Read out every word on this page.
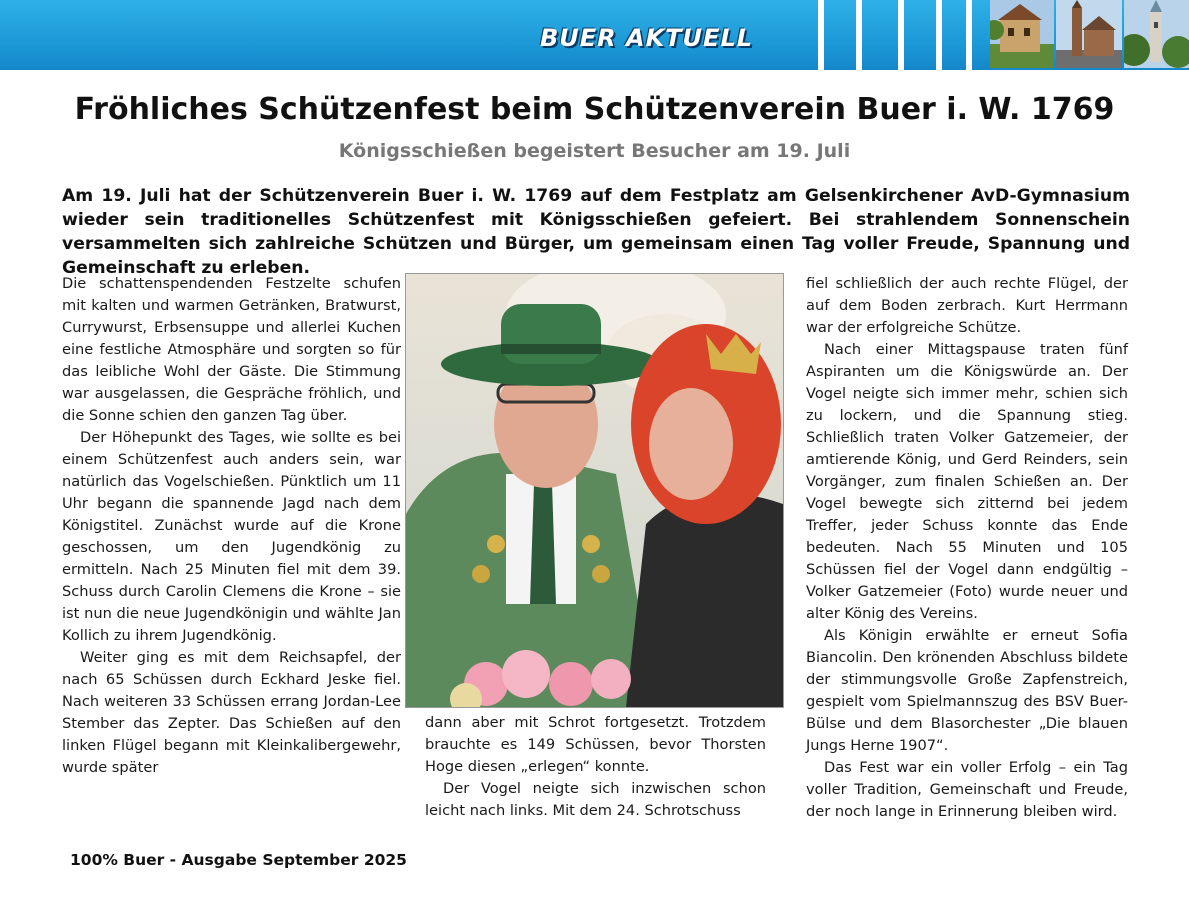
BUER AKTUELL
Fröhliches Schützenfest beim Schützenverein Buer i. W. 1769
Königsschießen begeistert Besucher am 19. Juli
Am 19. Juli hat der Schützenverein Buer i. W. 1769 auf dem Festplatz am Gelsenkirchener AvD-Gymnasium wieder sein traditionelles Schützenfest mit Königsschießen gefeiert. Bei strahlendem Sonnenschein versammelten sich zahlreiche Schützen und Bürger, um gemeinsam einen Tag voller Freude, Spannung und Gemeinschaft zu erleben.

Die schattenspendenden Festzelte schufen mit kalten und warmen Getränken, Bratwurst, Currywurst, Erbsensuppe und allerlei Kuchen eine festliche Atmosphäre und sorgten so für das leibliche Wohl der Gäste. Die Stimmung war ausgelassen, die Gespräche fröhlich, und die Sonne schien den ganzen Tag über.

Der Höhepunkt des Tages, wie sollte es bei einem Schützenfest auch anders sein, war natürlich das Vogelschießen. Pünktlich um 11 Uhr begann die spannende Jagd nach dem Königstitel. Zunächst wurde auf die Krone geschossen, um den Jugendkönig zu ermitteln. Nach 25 Minuten fiel mit dem 39. Schuss durch Carolin Clemens die Krone – sie ist nun die neue Jugendkönigin und wählte Jan Kollich zu ihrem Jugendkönig.

Weiter ging es mit dem Reichsapfel, der nach 65 Schüssen durch Eckhard Jeske fiel. Nach weiteren 33 Schüssen errang Jordan-Lee Stember das Zepter. Das Schießen auf den linken Flügel begann mit Kleinkalibergewehr, wurde später

dann aber mit Schrot fortgesetzt. Trotzdem brauchte es 149 Schüssen, bevor Thorsten Hoge diesen „erlegen“ konnte.

Der Vogel neigte sich inzwischen schon leicht nach links. Mit dem 24. Schrotschuss

fiel schließlich der auch rechte Flügel, der auf dem Boden zerbrach. Kurt Herrmann war der erfolgreiche Schütze.

Nach einer Mittagspause traten fünf Aspiranten um die Königswürde an. Der Vogel neigte sich immer mehr, schien sich zu lockern, und die Spannung stieg. Schließlich traten Volker Gatzemeier, der amtierende König, und Gerd Reinders, sein Vorgänger, zum finalen Schießen an. Der Vogel bewegte sich zitternd bei jedem Treffer, jeder Schuss konnte das Ende bedeuten. Nach 55 Minuten und 105 Schüssen fiel der Vogel dann endgültig – Volker Gatzemeier (Foto) wurde neuer und alter König des Vereins.

Als Königin erwählte er erneut Sofia Biancolin. Den krönenden Abschluss bildete der stimmungsvolle Große Zapfenstreich, gespielt vom Spielmannszug des BSV Buer-Bülse und dem Blasorchester „Die blauen Jungs Herne 1907“.

Das Fest war ein voller Erfolg – ein Tag voller Tradition, Gemeinschaft und Freude, der noch lange in Erinnerung bleiben wird.

100% Buer - Ausgabe September 2025
